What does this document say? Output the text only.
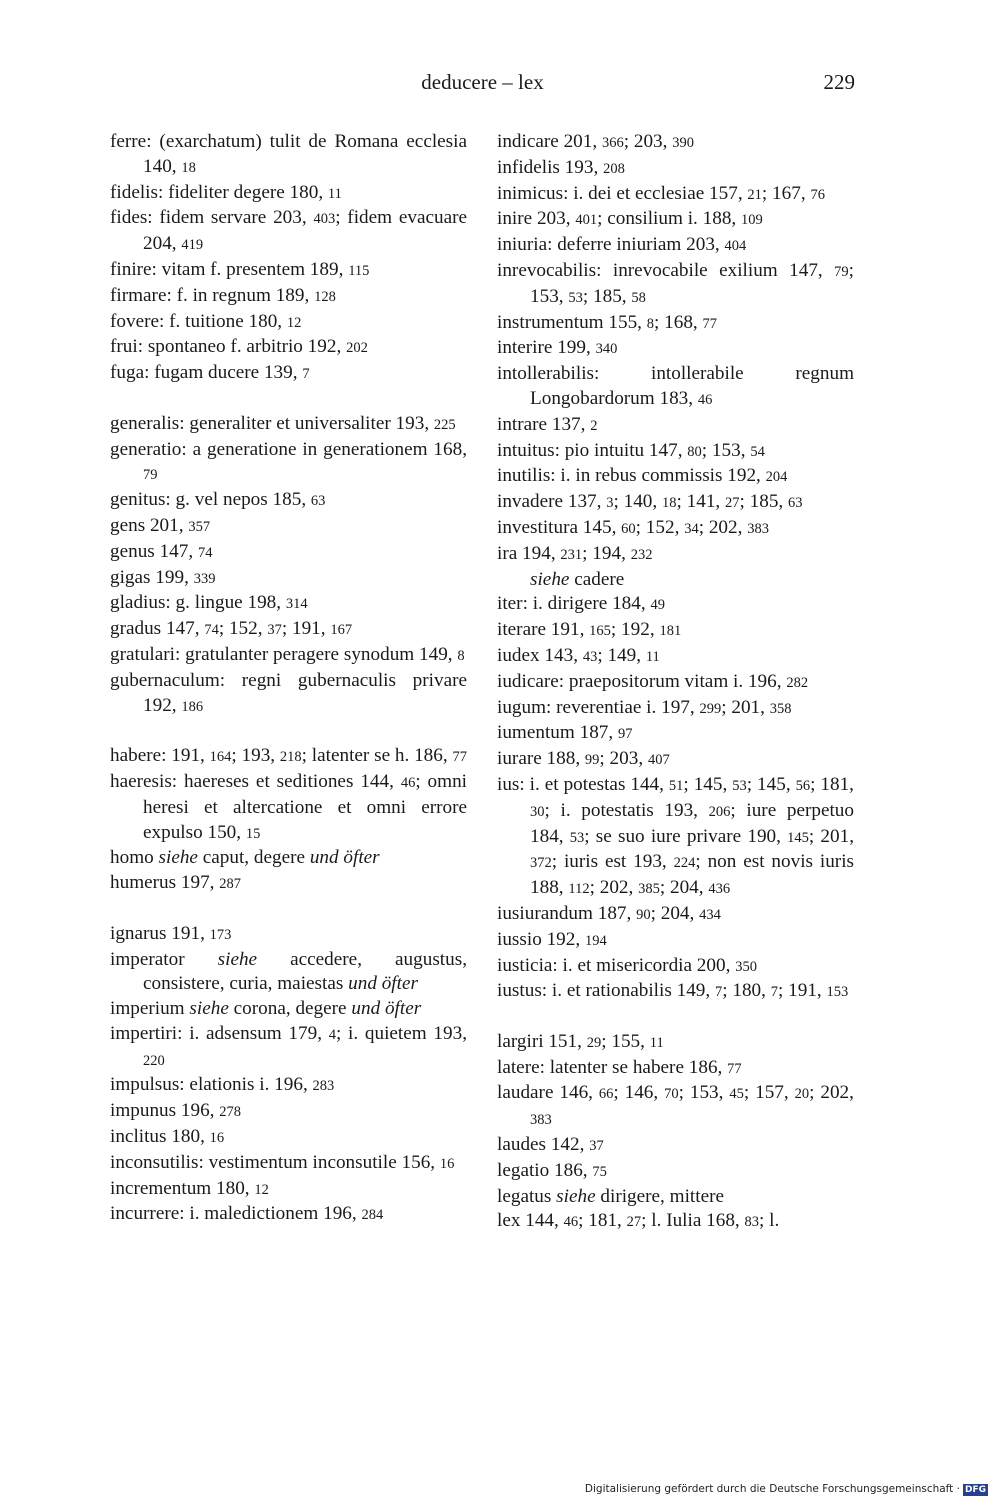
deducere – lex	229
ferre: (exarchatum) tulit de Romana ecclesia 140, 18
fidelis: fideliter degere 180, 11
fides: fidem servare 203, 403; fidem evacuare 204, 419
finire: vitam f. presentem 189, 115
firmare: f. in regnum 189, 128
fovere: f. tuitione 180, 12
frui: spontaneo f. arbitrio 192, 202
fuga: fugam ducere 139, 7
generalis: generaliter et universaliter 193, 225
generatio: a generatione in generationem 168, 79
genitus: g. vel nepos 185, 63
gens 201, 357
genus 147, 74
gigas 199, 339
gladius: g. lingue 198, 314
gradus 147, 74; 152, 37; 191, 167
gratulari: gratulanter peragere synodum 149, 8
gubernaculum: regni gubernaculis privare 192, 186
habere: 191, 164; 193, 218; latenter se h. 186, 77
haeresis: haereses et seditiones 144, 46; omni heresi et altercatione et omni errore expulso 150, 15
homo siehe caput, degere und öfter
humerus 197, 287
ignarus 191, 173
imperator siehe accedere, augustus, consistere, curia, maiestas und öfter
imperium siehe corona, degere und öfter
impertiri: i. adsensum 179, 4; i. quietem 193, 220
impulsus: elationis i. 196, 283
impunus 196, 278
inclitus 180, 16
inconsutilis: vestimentum inconsutile 156, 16
incrementum 180, 12
incurrere: i. maledictionem 196, 284
indicare 201, 366; 203, 390
infidelis 193, 208
inimicus: i. dei et ecclesiae 157, 21; 167, 76
inire 203, 401; consilium i. 188, 109
iniuria: deferre iniuriam 203, 404
inrevocabilis: inrevocabile exilium 147, 79; 153, 53; 185, 58
instrumentum 155, 8; 168, 77
interire 199, 340
intollerabilis: intollerabile regnum Longobardorum 183, 46
intrare 137, 2
intuitus: pio intuitu 147, 80; 153, 54
inutilis: i. in rebus commissis 192, 204
invadere 137, 3; 140, 18; 141, 27; 185, 63
investitura 145, 60; 152, 34; 202, 383
ira 194, 231; 194, 232
siehe cadere
iter: i. dirigere 184, 49
iterare 191, 165; 192, 181
iudex 143, 43; 149, 11
iudicare: praepositorum vitam i. 196, 282
iugum: reverentiae i. 197, 299; 201, 358
iumentum 187, 97
iurare 188, 99; 203, 407
ius: i. et potestas 144, 51; 145, 53; 145, 56; 181, 30; i. potestatis 193, 206; iure perpetuo 184, 53; se suo iure privare 190, 145; 201, 372; iuris est 193, 224; non est novis iuris 188, 112; 202, 385; 204, 436
iusiurandum 187, 90; 204, 434
iussio 192, 194
iusticia: i. et misericordia 200, 350
iustus: i. et rationabilis 149, 7; 180, 7; 191, 153
largiri 151, 29; 155, 11
latere: latenter se habere 186, 77
laudare 146, 66; 146, 70; 153, 45; 157, 20; 202, 383
laudes 142, 37
legatio 186, 75
legatus siehe dirigere, mittere
lex 144, 46; 181, 27; l. Iulia 168, 83; l.
Digitalisierung gefördert durch die Deutsche Forschungsgemeinschaft · DFG
